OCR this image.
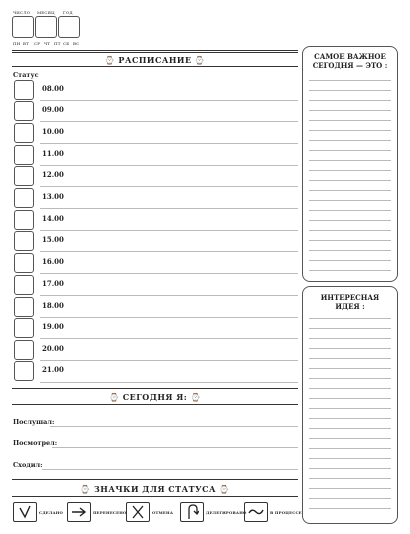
ЧИСЛО МЕСЯЦ ГОД
ПН ВТ СР ЧТ ПТ СБ ВС
⌚ РАСПИСАНИЕ ⌚
Статус
08.00
09.00
10.00
11.00
12.00
13.00
14.00
15.00
16.00
17.00
18.00
19.00
20.00
21.00
⌚ СЕГОДНЯ Я: ⌚
Послушал:
Посмотрел:
Сходил:
⌚ ЗНАЧКИ ДЛЯ СТАТУСА ⌚
СДЕЛАНО	ПЕРЕНЕСЕНО	ОТМЕНА	ДЕЛЕГИРОВАНО	В ПРОЦЕССЕ
САМОЕ ВАЖНОЕ
СЕГОДНЯ — ЭТО :
ИНТЕРЕСНАЯ
ИДЕЯ :
